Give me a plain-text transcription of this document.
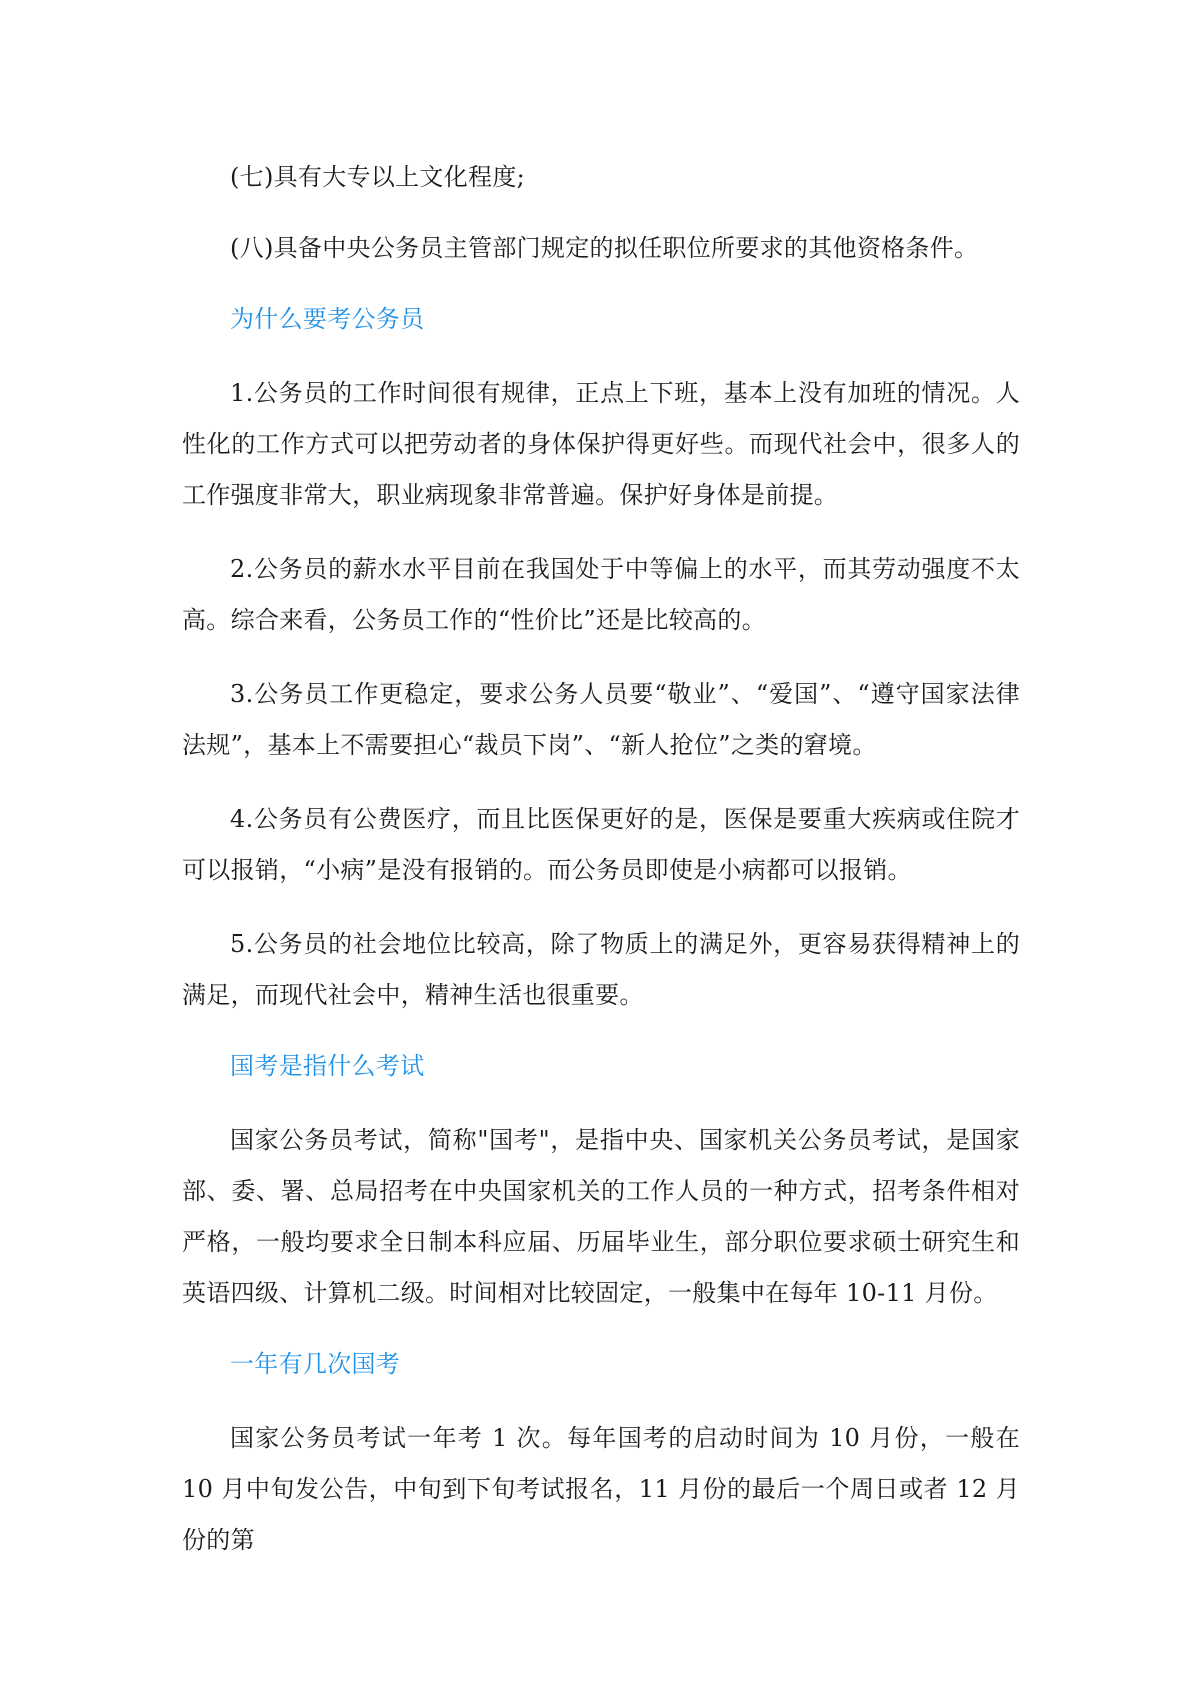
(七)具有大专以上文化程度;

(八)具备中央公务员主管部门规定的拟任职位所要求的其他资格条件。

为什么要考公务员

1.公务员的工作时间很有规律，正点上下班，基本上没有加班的情况。人性化的工作方式可以把劳动者的身体保护得更好些。而现代社会中，很多人的工作强度非常大，职业病现象非常普遍。保护好身体是前提。

2.公务员的薪水水平目前在我国处于中等偏上的水平，而其劳动强度不太高。综合来看，公务员工作的“性价比”还是比较高的。

3.公务员工作更稳定，要求公务人员要“敬业”、“爱国”、“遵守国家法律法规”，基本上不需要担心“裁员下岗”、“新人抢位”之类的窘境。

4.公务员有公费医疗，而且比医保更好的是，医保是要重大疾病或住院才可以报销，“小病”是没有报销的。而公务员即使是小病都可以报销。

5.公务员的社会地位比较高，除了物质上的满足外，更容易获得精神上的满足，而现代社会中，精神生活也很重要。

国考是指什么考试

国家公务员考试，简称"国考"，是指中央、国家机关公务员考试，是国家部、委、署、总局招考在中央国家机关的工作人员的一种方式，招考条件相对严格，一般均要求全日制本科应届、历届毕业生，部分职位要求硕士研究生和英语四级、计算机二级。时间相对比较固定，一般集中在每年 10-11 月份。

一年有几次国考

国家公务员考试一年考 1 次。每年国考的启动时间为 10 月份，一般在 10 月中旬发公告，中旬到下旬考试报名，11 月份的最后一个周日或者 12 月份的第
